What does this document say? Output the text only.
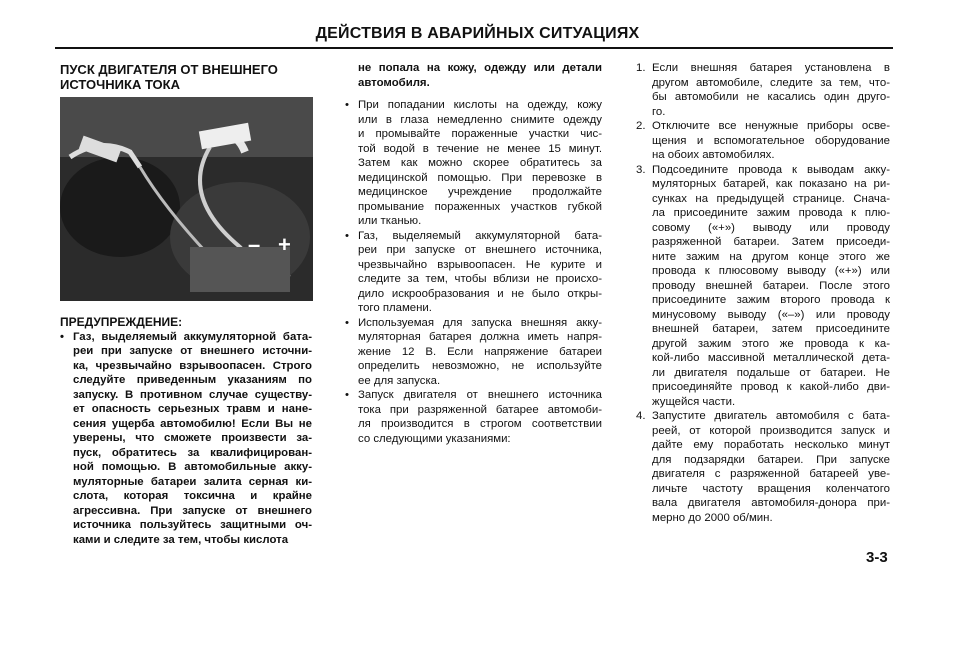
ДЕЙСТВИЯ В АВАРИЙНЫХ СИТУАЦИЯХ
ПУСК ДВИГАТЕЛЯ ОТ ВНЕШНЕГО
ИСТОЧНИКА ТОКА
– +
ПРЕДУПРЕЖДЕНИЕ:
• Газ, выделяемый аккумуляторной бата-
реи при запуске от внешнего источни-
ка, чрезвычайно взрывоопасен. Строго
следуйте приведенным указаниям по
запуску. В противном случае существу-
ет опасность серьезных травм и нане-
сения ущерба автомобилю! Если Вы не
уверены, что сможете произвести за-
пуск, обратитесь за квалифицирован-
ной помощью. В автомобильные акку-
муляторные батареи залита серная ки-
слота, которая токсична и крайне
агрессивна. При запуске от внешнего
источника пользуйтесь защитными оч-
ками и следите за тем, чтобы кислота
не попала на кожу, одежду или детали
автомобиля.
• При попадании кислоты на одежду, кожу
или в глаза немедленно снимите одежду
и промывайте пораженные участки чис-
той водой в течение не менее 15 минут.
Затем как можно скорее обратитесь за
медицинской помощью. При перевозке в
медицинское учреждение продолжайте
промывание пораженных участков губкой
или тканью.
• Газ, выделяемый аккумуляторной бата-
реи при запуске от внешнего источника,
чрезвычайно взрывоопасен. Не курите и
следите за тем, чтобы вблизи не происхо-
дило искрообразования и не было откры-
того пламени.
• Используемая для запуска внешняя акку-
муляторная батарея должна иметь напря-
жение 12 В. Если напряжение батареи
определить невозможно, не используйте
ее для запуска.
• Запуск двигателя от внешнего источника
тока при разряженной батарее автомоби-
ля производится в строгом соответствии
со следующими указаниями:
1. Если внешняя батарея установлена в
другом автомобиле, следите за тем, что-
бы автомобили не касались один друго-
го.
2. Отключите все ненужные приборы осве-
щения и вспомогательное оборудование
на обоих автомобилях.
3. Подсоедините провода к выводам акку-
муляторных батарей, как показано на ри-
сунках на предыдущей странице. Снача-
ла присоедините зажим провода к плю-
совому («+») выводу или проводу
разряженной батареи. Затем присоеди-
ните зажим на другом конце этого же
провода к плюсовому выводу («+») или
проводу внешней батареи. После этого
присоедините зажим второго провода к
минусовому выводу («–») или проводу
внешней батареи, затем присоедините
другой зажим этого же провода к ка-
кой-либо массивной металлической дета-
ли двигателя подальше от батареи. Не
присоединяйте провод к какой-либо дви-
жущейся части.
4. Запустите двигатель автомобиля с бата-
реей, от которой производится запуск и
дайте ему поработать несколько минут
для подзарядки батареи. При запуске
двигателя с разряженной батареей уве-
личьте частоту вращения коленчатого
вала двигателя автомобиля-донора при-
мерно до 2000 об/мин.
3-3
